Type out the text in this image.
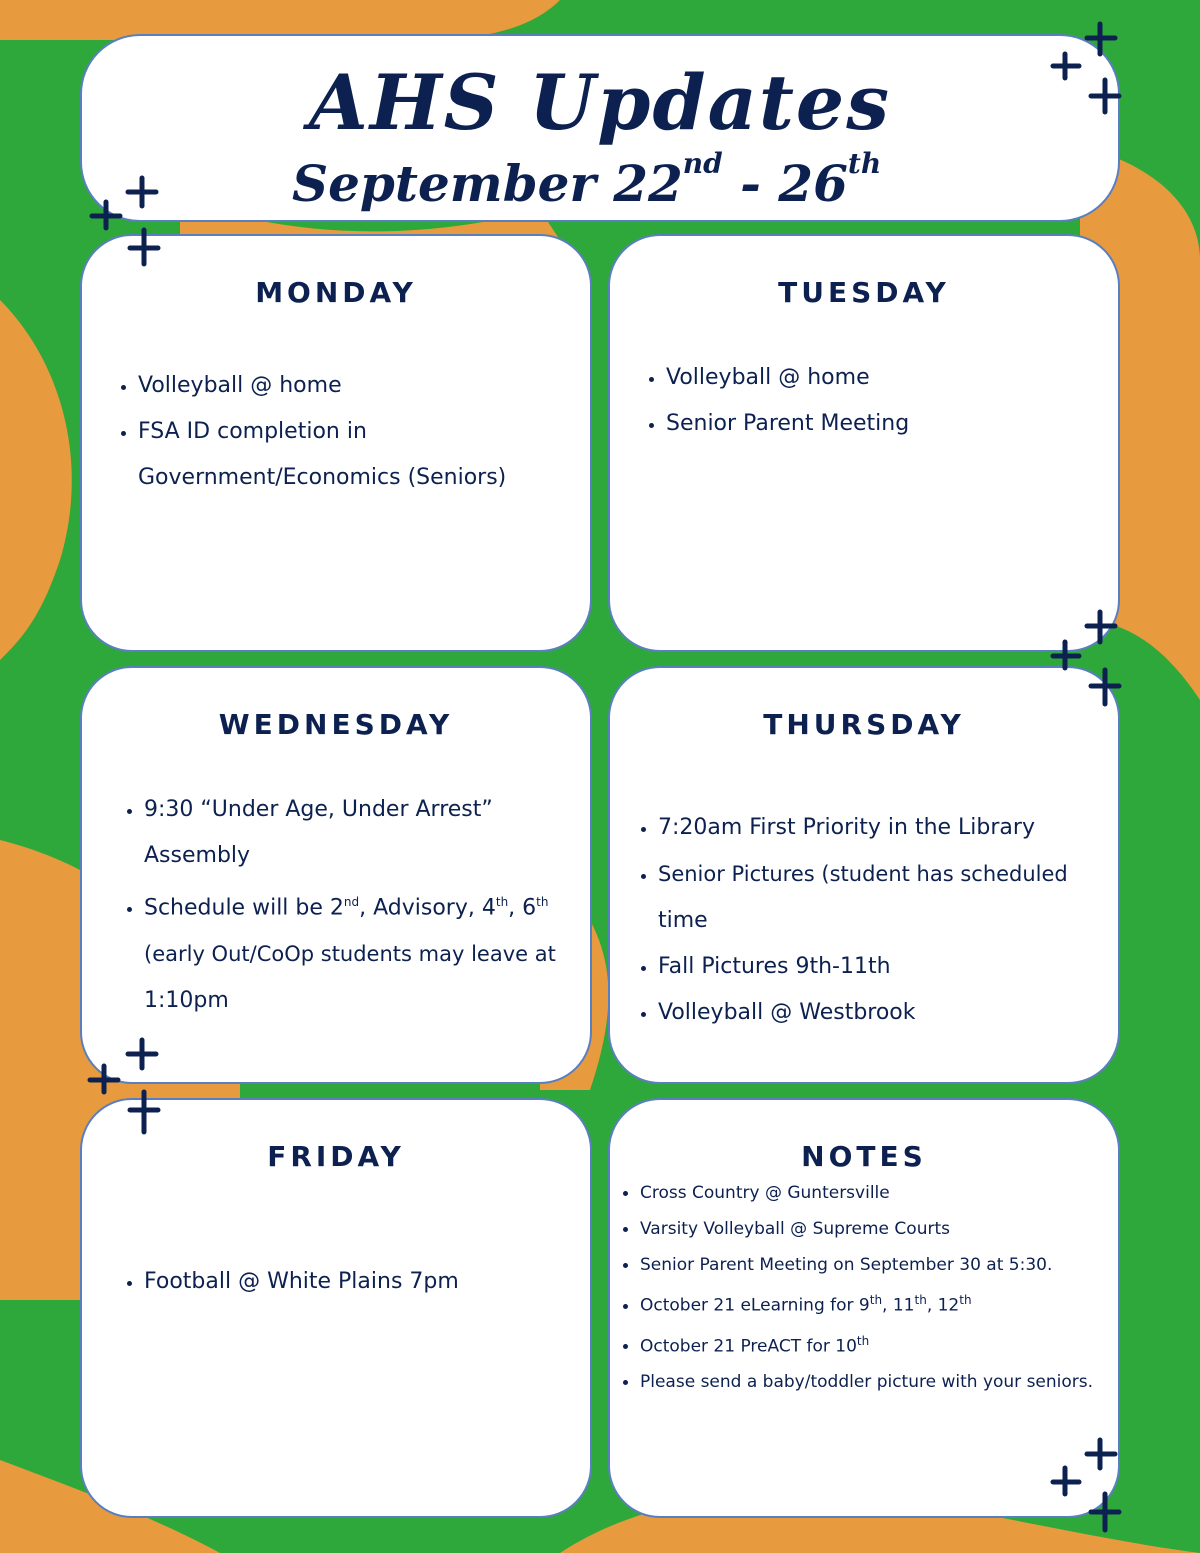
AHS Updates
September 22nd - 26th
MONDAY
• Volleyball @ home
• FSA ID completion in
Government/Economics (Seniors)
TUESDAY
• Volleyball @ home
• Senior Parent Meeting
WEDNESDAY
• 9:30 “Under Age, Under Arrest”
Assembly
• Schedule will be 2nd, Advisory, 4th, 6th
(early Out/CoOp students may leave at
1:10pm
THURSDAY
• 7:20am First Priority in the Library
• Senior Pictures (student has scheduled
time
• Fall Pictures 9th-11th
• Volleyball @ Westbrook
FRIDAY
• Football @ White Plains 7pm
NOTES
• Cross Country @ Guntersville
• Varsity Volleyball @ Supreme Courts
• Senior Parent Meeting on September 30 at 5:30.
• October 21 eLearning for 9th, 11th, 12th
• October 21 PreACT for 10th
• Please send a baby/toddler picture with your seniors.
